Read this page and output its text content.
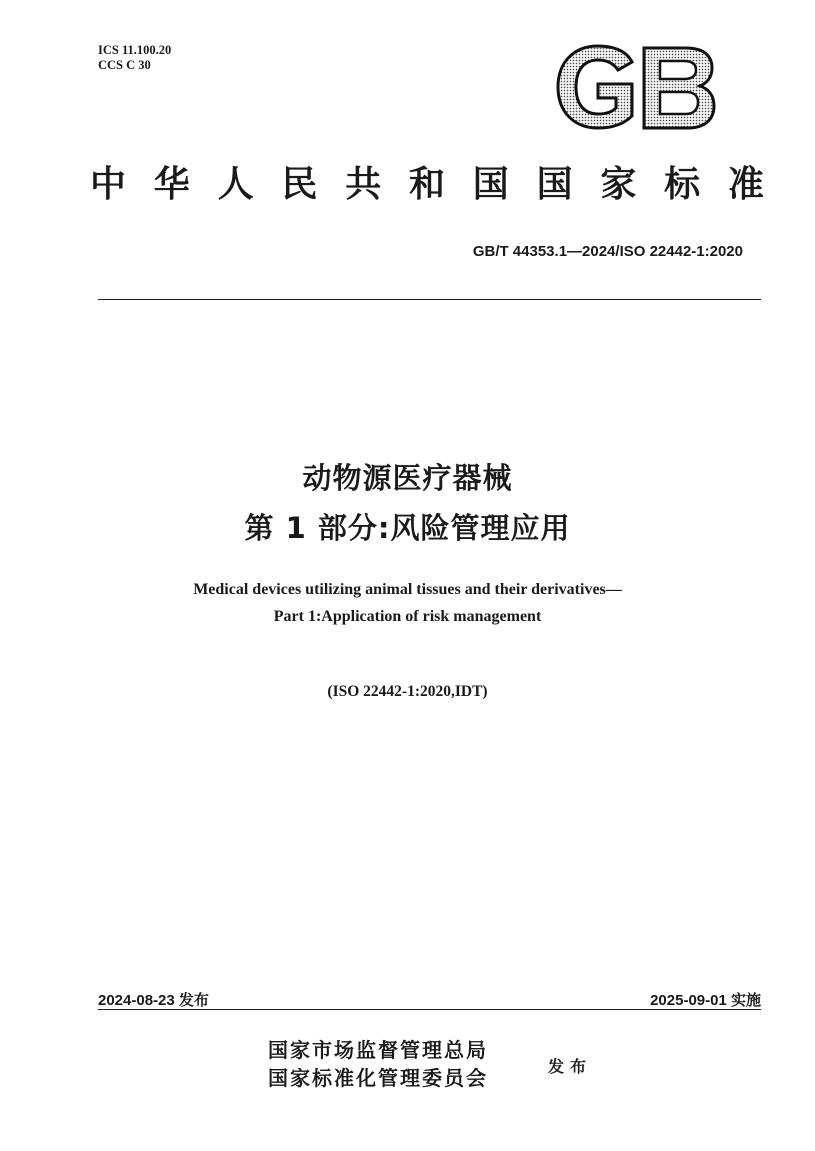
ICS 11.100.20
CCS C 30
中华人民共和国国家标准
GB/T 44353.1—2024/ISO 22442-1:2020
动物源医疗器械
第 1 部分:风险管理应用
Medical devices utilizing animal tissues and their derivatives—
Part 1:Application of risk management
(ISO 22442-1:2020,IDT)
2024-08-23 发布	2025-09-01 实施
国家市场监督管理总局
国家标准化管理委员会	发布
